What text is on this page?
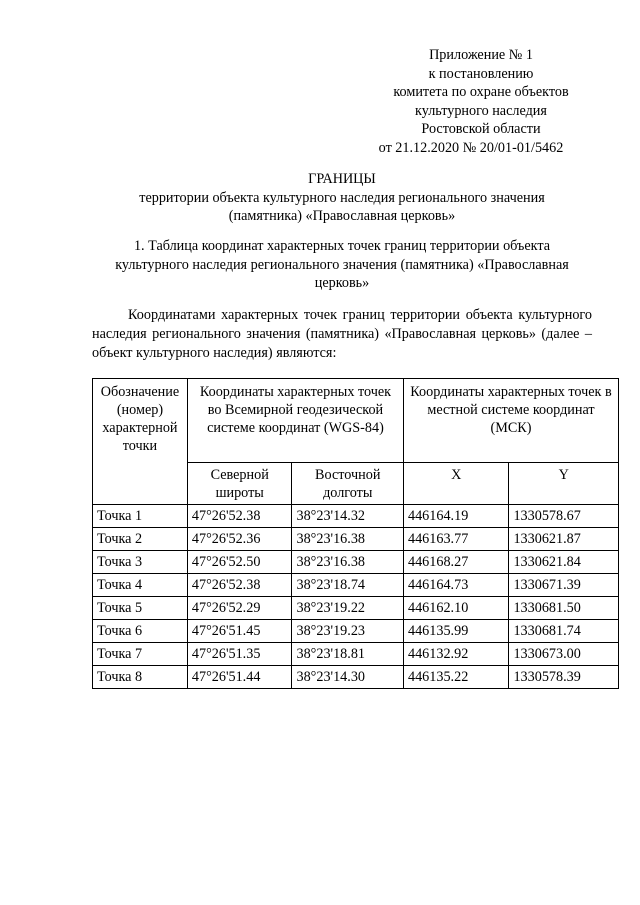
Приложение № 1
к постановлению
комитета по охране объектов
культурного наследия
Ростовской области
от 21.12.2020 № 20/01-01/5462
ГРАНИЦЫ
территории объекта культурного наследия регионального значения
(памятника) «Православная церковь»
1. Таблица координат характерных точек границ территории объекта
культурного наследия регионального значения (памятника) «Православная
церковь»
Координатами характерных точек границ территории объекта культурного наследия регионального значения (памятника) «Православная церковь» (далее – объект культурного наследия) являются:
Обозначение (номер) характерной точки	Координаты характерных точек во Всемирной геодезической системе координат (WGS-84)		Координаты характерных точек в местной системе координат (МСК)	
	Северной широты	Восточной долготы	X	Y
Точка 1	47°26'52.38	38°23'14.32	446164.19	1330578.67
Точка 2	47°26'52.36	38°23'16.38	446163.77	1330621.87
Точка 3	47°26'52.50	38°23'16.38	446168.27	1330621.84
Точка 4	47°26'52.38	38°23'18.74	446164.73	1330671.39
Точка 5	47°26'52.29	38°23'19.22	446162.10	1330681.50
Точка 6	47°26'51.45	38°23'19.23	446135.99	1330681.74
Точка 7	47°26'51.35	38°23'18.81	446132.92	1330673.00
Точка 8	47°26'51.44	38°23'14.30	446135.22	1330578.39
